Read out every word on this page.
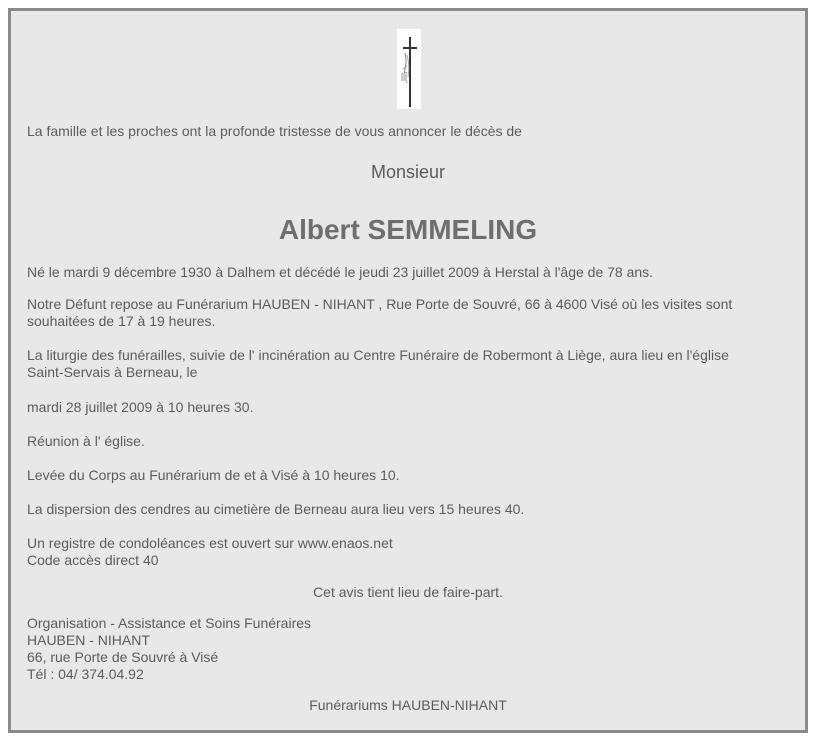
La famille et les proches ont la profonde tristesse de vous annoncer le décès de
Monsieur
Albert SEMMELING
Né le mardi 9 décembre 1930 à Dalhem et décédé le jeudi 23 juillet 2009 à Herstal à l'âge de 78 ans.
Notre Défunt repose au Funérarium HAUBEN - NIHANT , Rue Porte de Souvré, 66 à 4600 Visé où les visites sont souhaitées de 17 à 19 heures.
La liturgie des funérailles, suivie de l' incinération au Centre Funéraire de Robermont à Liège, aura lieu en l'église Saint-Servais à Berneau, le
mardi 28 juillet 2009 à 10 heures 30.
Réunion à l' église.
Levée du Corps au Funérarium de et à Visé à 10 heures 10.
La dispersion des cendres au cimetière de Berneau aura lieu vers 15 heures 40.
Un registre de condoléances est ouvert sur www.enaos.net
Code accès direct 40
Cet avis tient lieu de faire-part.
Organisation - Assistance et Soins Funéraires
HAUBEN - NIHANT
66, rue Porte de Souvré à Visé
Tél : 04/ 374.04.92
Funérariums HAUBEN-NIHANT
